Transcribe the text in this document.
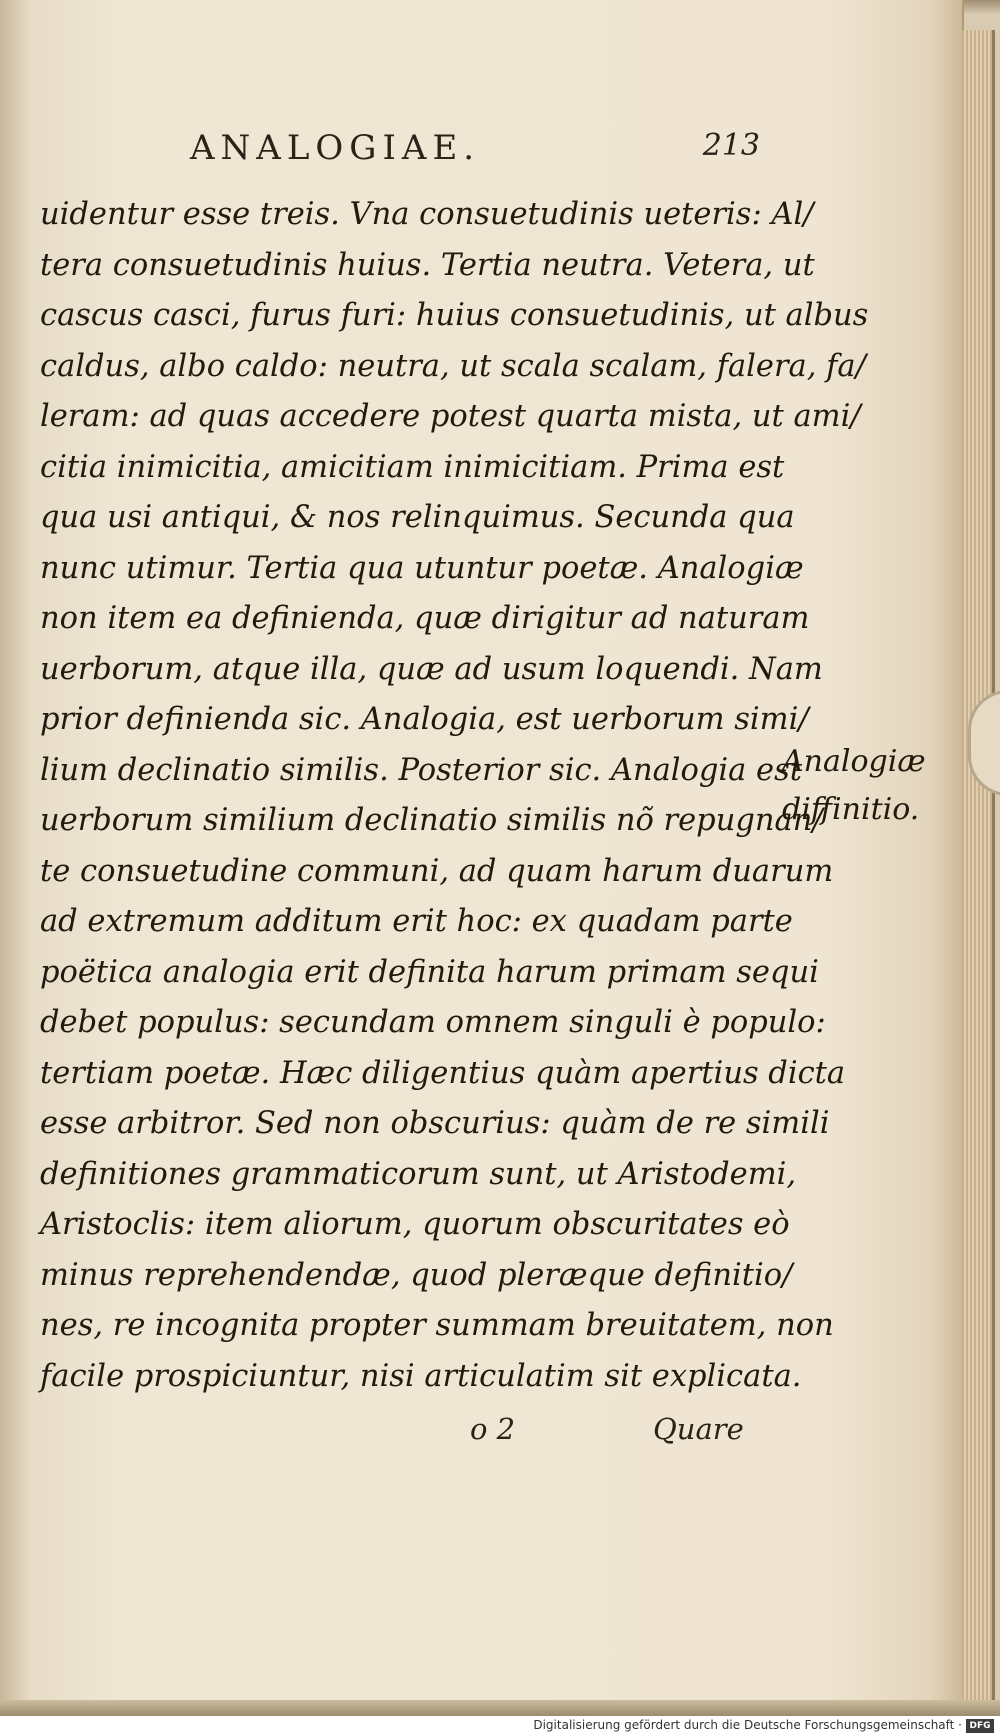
ANALOGIAE.	213
uidentur esse treis. Vna consuetudinis ueteris: Al/
tera consuetudinis huius. Tertia neutra. Vetera, ut
cascus casci, furus furi: huius consuetudinis, ut albus
caldus, albo caldo: neutra, ut scala scalam, falera, fa/
leram: ad quas accedere potest quarta mista, ut ami/
citia inimicitia, amicitiam inimicitiam. Prima est
qua usi antiqui, & nos relinquimus. Secunda qua
nunc utimur. Tertia qua utuntur poetæ. Analogiæ
non item ea definienda, quæ dirigitur ad naturam
uerborum, atque illa, quæ ad usum loquendi. Nam
prior definienda sic. Analogia, est uerborum simi/
lium declinatio similis. Posterior sic. Analogia est
uerborum similium declinatio similis nõ repugnan/
te consuetudine communi, ad quam harum duarum
ad extremum additum erit hoc: ex quadam parte
poëtica analogia erit definita harum primam sequi
debet populus: secundam omnem singuli è populo:
tertiam poetæ. Hæc diligentius quàm apertius dicta
esse arbitror. Sed non obscurius: quàm de re simili
definitiones grammaticorum sunt, ut Aristodemi,
Aristoclis: item aliorum, quorum obscuritates eò
minus reprehendendæ, quod pleræque definitio/
nes, re incognita propter summam breuitatem, non
facile prospiciuntur, nisi articulatim sit explicata.
Analogiæ
diffinitio.
o 2	Quare
Digitalisierung gefördert durch die Deutsche Forschungsgemeinschaft · DFG
